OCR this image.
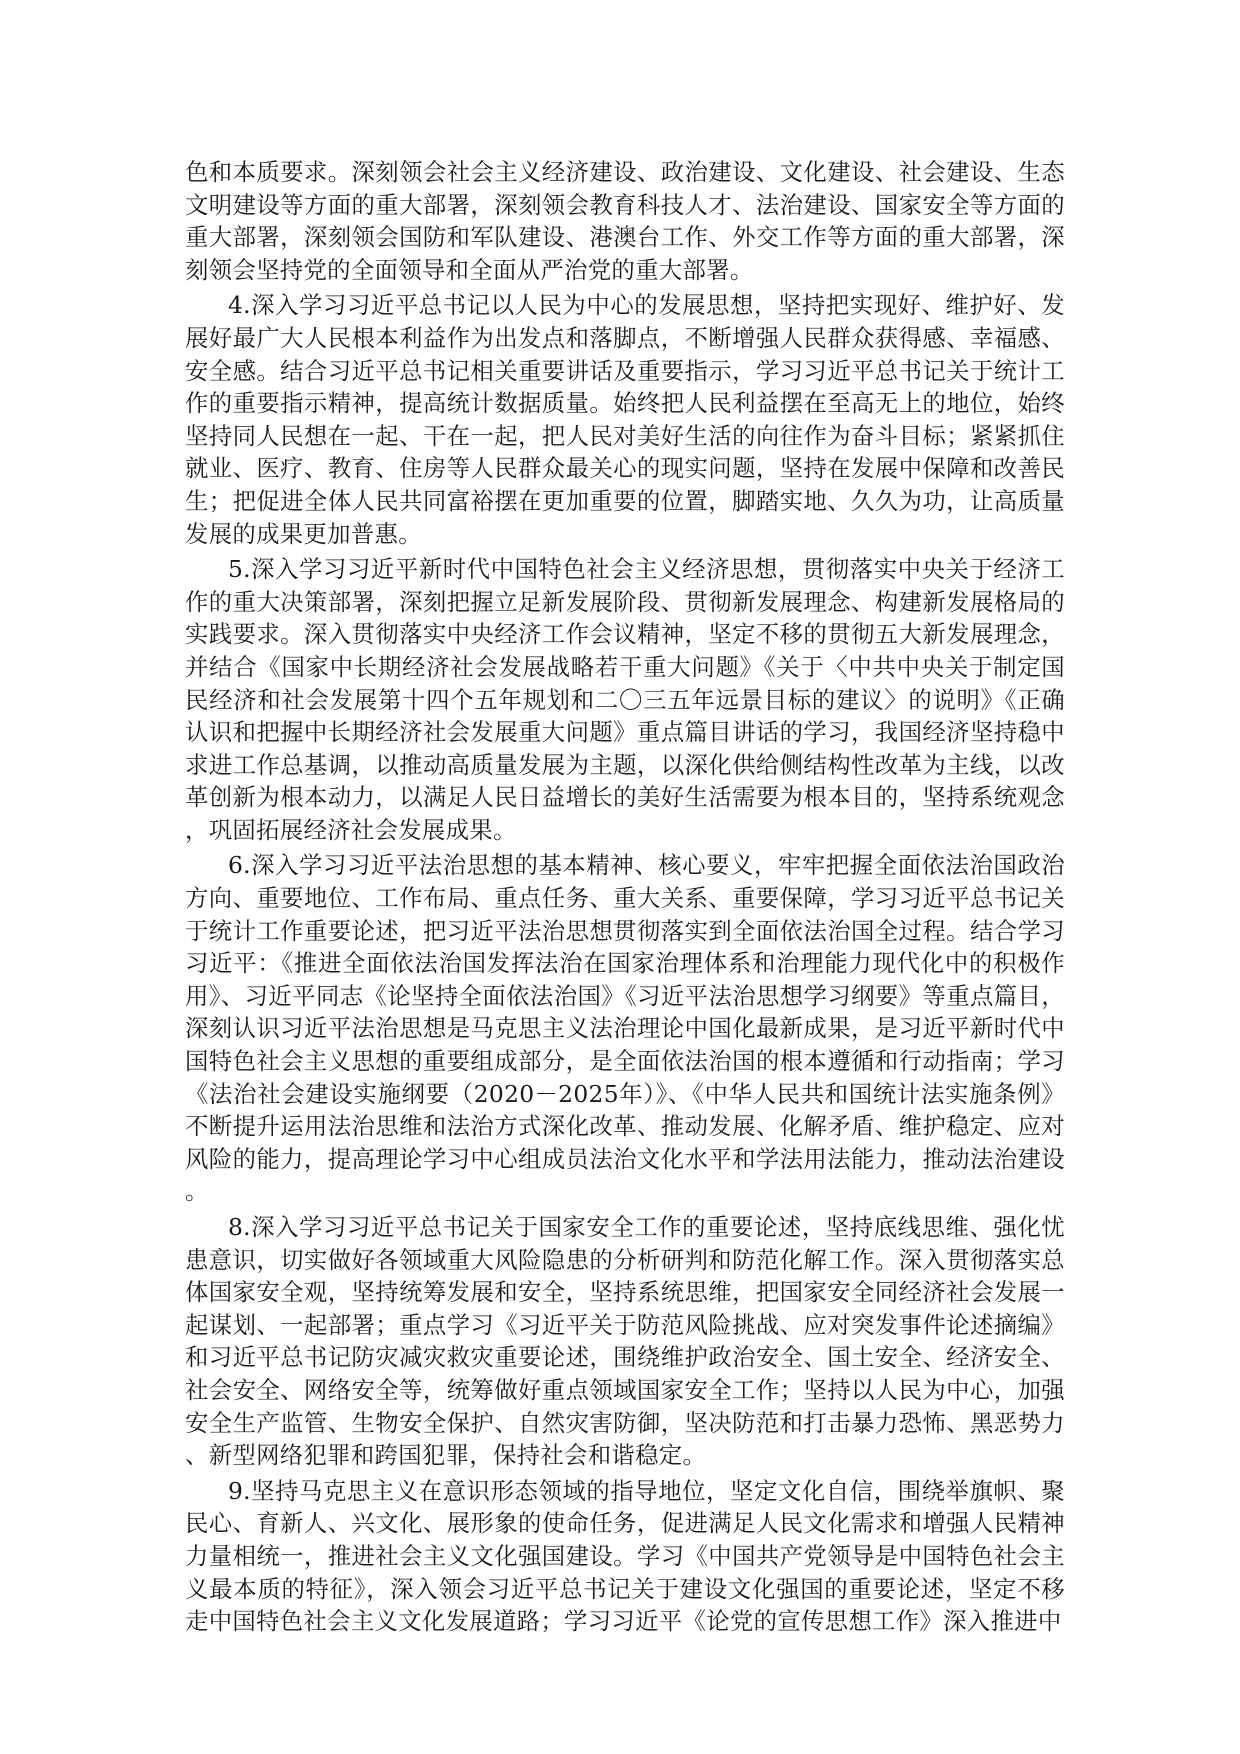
色和本质要求。深刻领会社会主义经济建设、政治建设、文化建设、社会建设、生态文明建设等方面的重大部署，深刻领会教育科技人才、法治建设、国家安全等方面的重大部署，深刻领会国防和军队建设、港澳台工作、外交工作等方面的重大部署，深刻领会坚持党的全面领导和全面从严治党的重大部署。

4.深入学习习近平总书记以人民为中心的发展思想，坚持把实现好、维护好、发展好最广大人民根本利益作为出发点和落脚点，不断增强人民群众获得感、幸福感、安全感。结合习近平总书记相关重要讲话及重要指示，学习习近平总书记关于统计工作的重要指示精神，提高统计数据质量。始终把人民利益摆在至高无上的地位，始终坚持同人民想在一起、干在一起，把人民对美好生活的向往作为奋斗目标；紧紧抓住就业、医疗、教育、住房等人民群众最关心的现实问题，坚持在发展中保障和改善民生；把促进全体人民共同富裕摆在更加重要的位置，脚踏实地、久久为功，让高质量发展的成果更加普惠。

5.深入学习习近平新时代中国特色社会主义经济思想，贯彻落实中央关于经济工作的重大决策部署，深刻把握立足新发展阶段、贯彻新发展理念、构建新发展格局的实践要求。深入贯彻落实中央经济工作会议精神，坚定不移的贯彻五大新发展理念，并结合《国家中长期经济社会发展战略若干重大问题》《关于〈中共中央关于制定国民经济和社会发展第十四个五年规划和二〇三五年远景目标的建议〉的说明》《正确认识和把握中长期经济社会发展重大问题》重点篇目讲话的学习，我国经济坚持稳中求进工作总基调，以推动高质量发展为主题，以深化供给侧结构性改革为主线，以改革创新为根本动力，以满足人民日益增长的美好生活需要为根本目的，坚持系统观念，巩固拓展经济社会发展成果。

6.深入学习习近平法治思想的基本精神、核心要义，牢牢把握全面依法治国政治方向、重要地位、工作布局、重点任务、重大关系、重要保障，学习习近平总书记关于统计工作重要论述，把习近平法治思想贯彻落实到全面依法治国全过程。结合学习习近平：《推进全面依法治国发挥法治在国家治理体系和治理能力现代化中的积极作用》、习近平同志《论坚持全面依法治国》《习近平法治思想学习纲要》等重点篇目，深刻认识习近平法治思想是马克思主义法治理论中国化最新成果，是习近平新时代中国特色社会主义思想的重要组成部分，是全面依法治国的根本遵循和行动指南；学习《法治社会建设实施纲要（2020－2025年）》、《中华人民共和国统计法实施条例》不断提升运用法治思维和法治方式深化改革、推动发展、化解矛盾、维护稳定、应对风险的能力，提高理论学习中心组成员法治文化水平和学法用法能力，推动法治建设。

8.深入学习习近平总书记关于国家安全工作的重要论述，坚持底线思维、强化忧患意识，切实做好各领域重大风险隐患的分析研判和防范化解工作。深入贯彻落实总体国家安全观，坚持统筹发展和安全，坚持系统思维，把国家安全同经济社会发展一起谋划、一起部署；重点学习《习近平关于防范风险挑战、应对突发事件论述摘编》和习近平总书记防灾减灾救灾重要论述，围绕维护政治安全、国土安全、经济安全、社会安全、网络安全等，统筹做好重点领域国家安全工作；坚持以人民为中心，加强安全生产监管、生物安全保护、自然灾害防御，坚决防范和打击暴力恐怖、黑恶势力、新型网络犯罪和跨国犯罪，保持社会和谐稳定。

9.坚持马克思主义在意识形态领域的指导地位，坚定文化自信，围绕举旗帜、聚民心、育新人、兴文化、展形象的使命任务，促进满足人民文化需求和增强人民精神力量相统一，推进社会主义文化强国建设。学习《中国共产党领导是中国特色社会主义最本质的特征》，深入领会习近平总书记关于建设文化强国的重要论述，坚定不移走中国特色社会主义文化发展道路；学习习近平《论党的宣传思想工作》深入推进中
